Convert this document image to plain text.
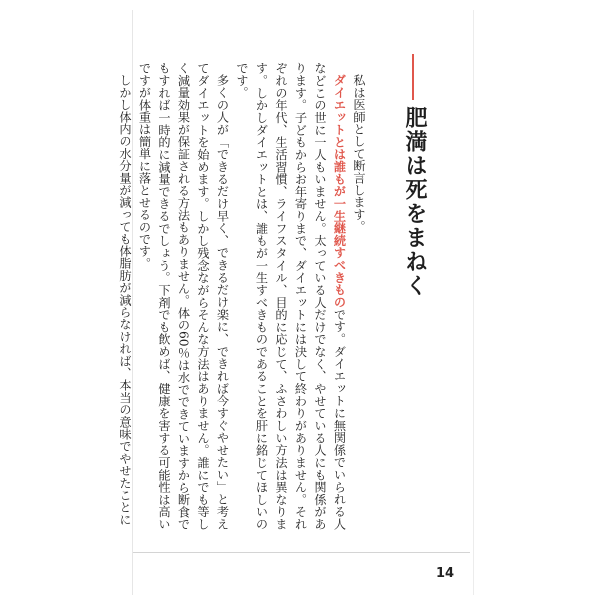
肥満は死をまねく

私は医師として断言します。

ダイエットとは誰もが一生継続すべきものです。ダイエットに無関係でいられる人などこの世に一人もいません。太っている人だけでなく、やせている人にも関係があります。子どもからお年寄りまで、ダイエットには決して終わりがありません。それぞれの年代、生活習慣、ライフスタイル、目的に応じて、ふさわしい方法は異なります。しかしダイエットとは、誰もが一生すべきものであることを肝に銘じてほしいのです。

多くの人が「できるだけ早く、できるだけ楽に、できれば今すぐやせたい」と考えてダイエットを始めます。しかし残念ながらそんな方法はありません。誰にでも等しく減量効果が保証される方法もありません。体の60％は水でできていますから断食でもすれば一時的に減量できるでしょう。下剤でも飲めば、健康を害する可能性は高いですが体重は簡単に落とせるのです。

しかし体内の水分量が減っても体脂肪が減らなければ、本当の意味でやせたことに

14
